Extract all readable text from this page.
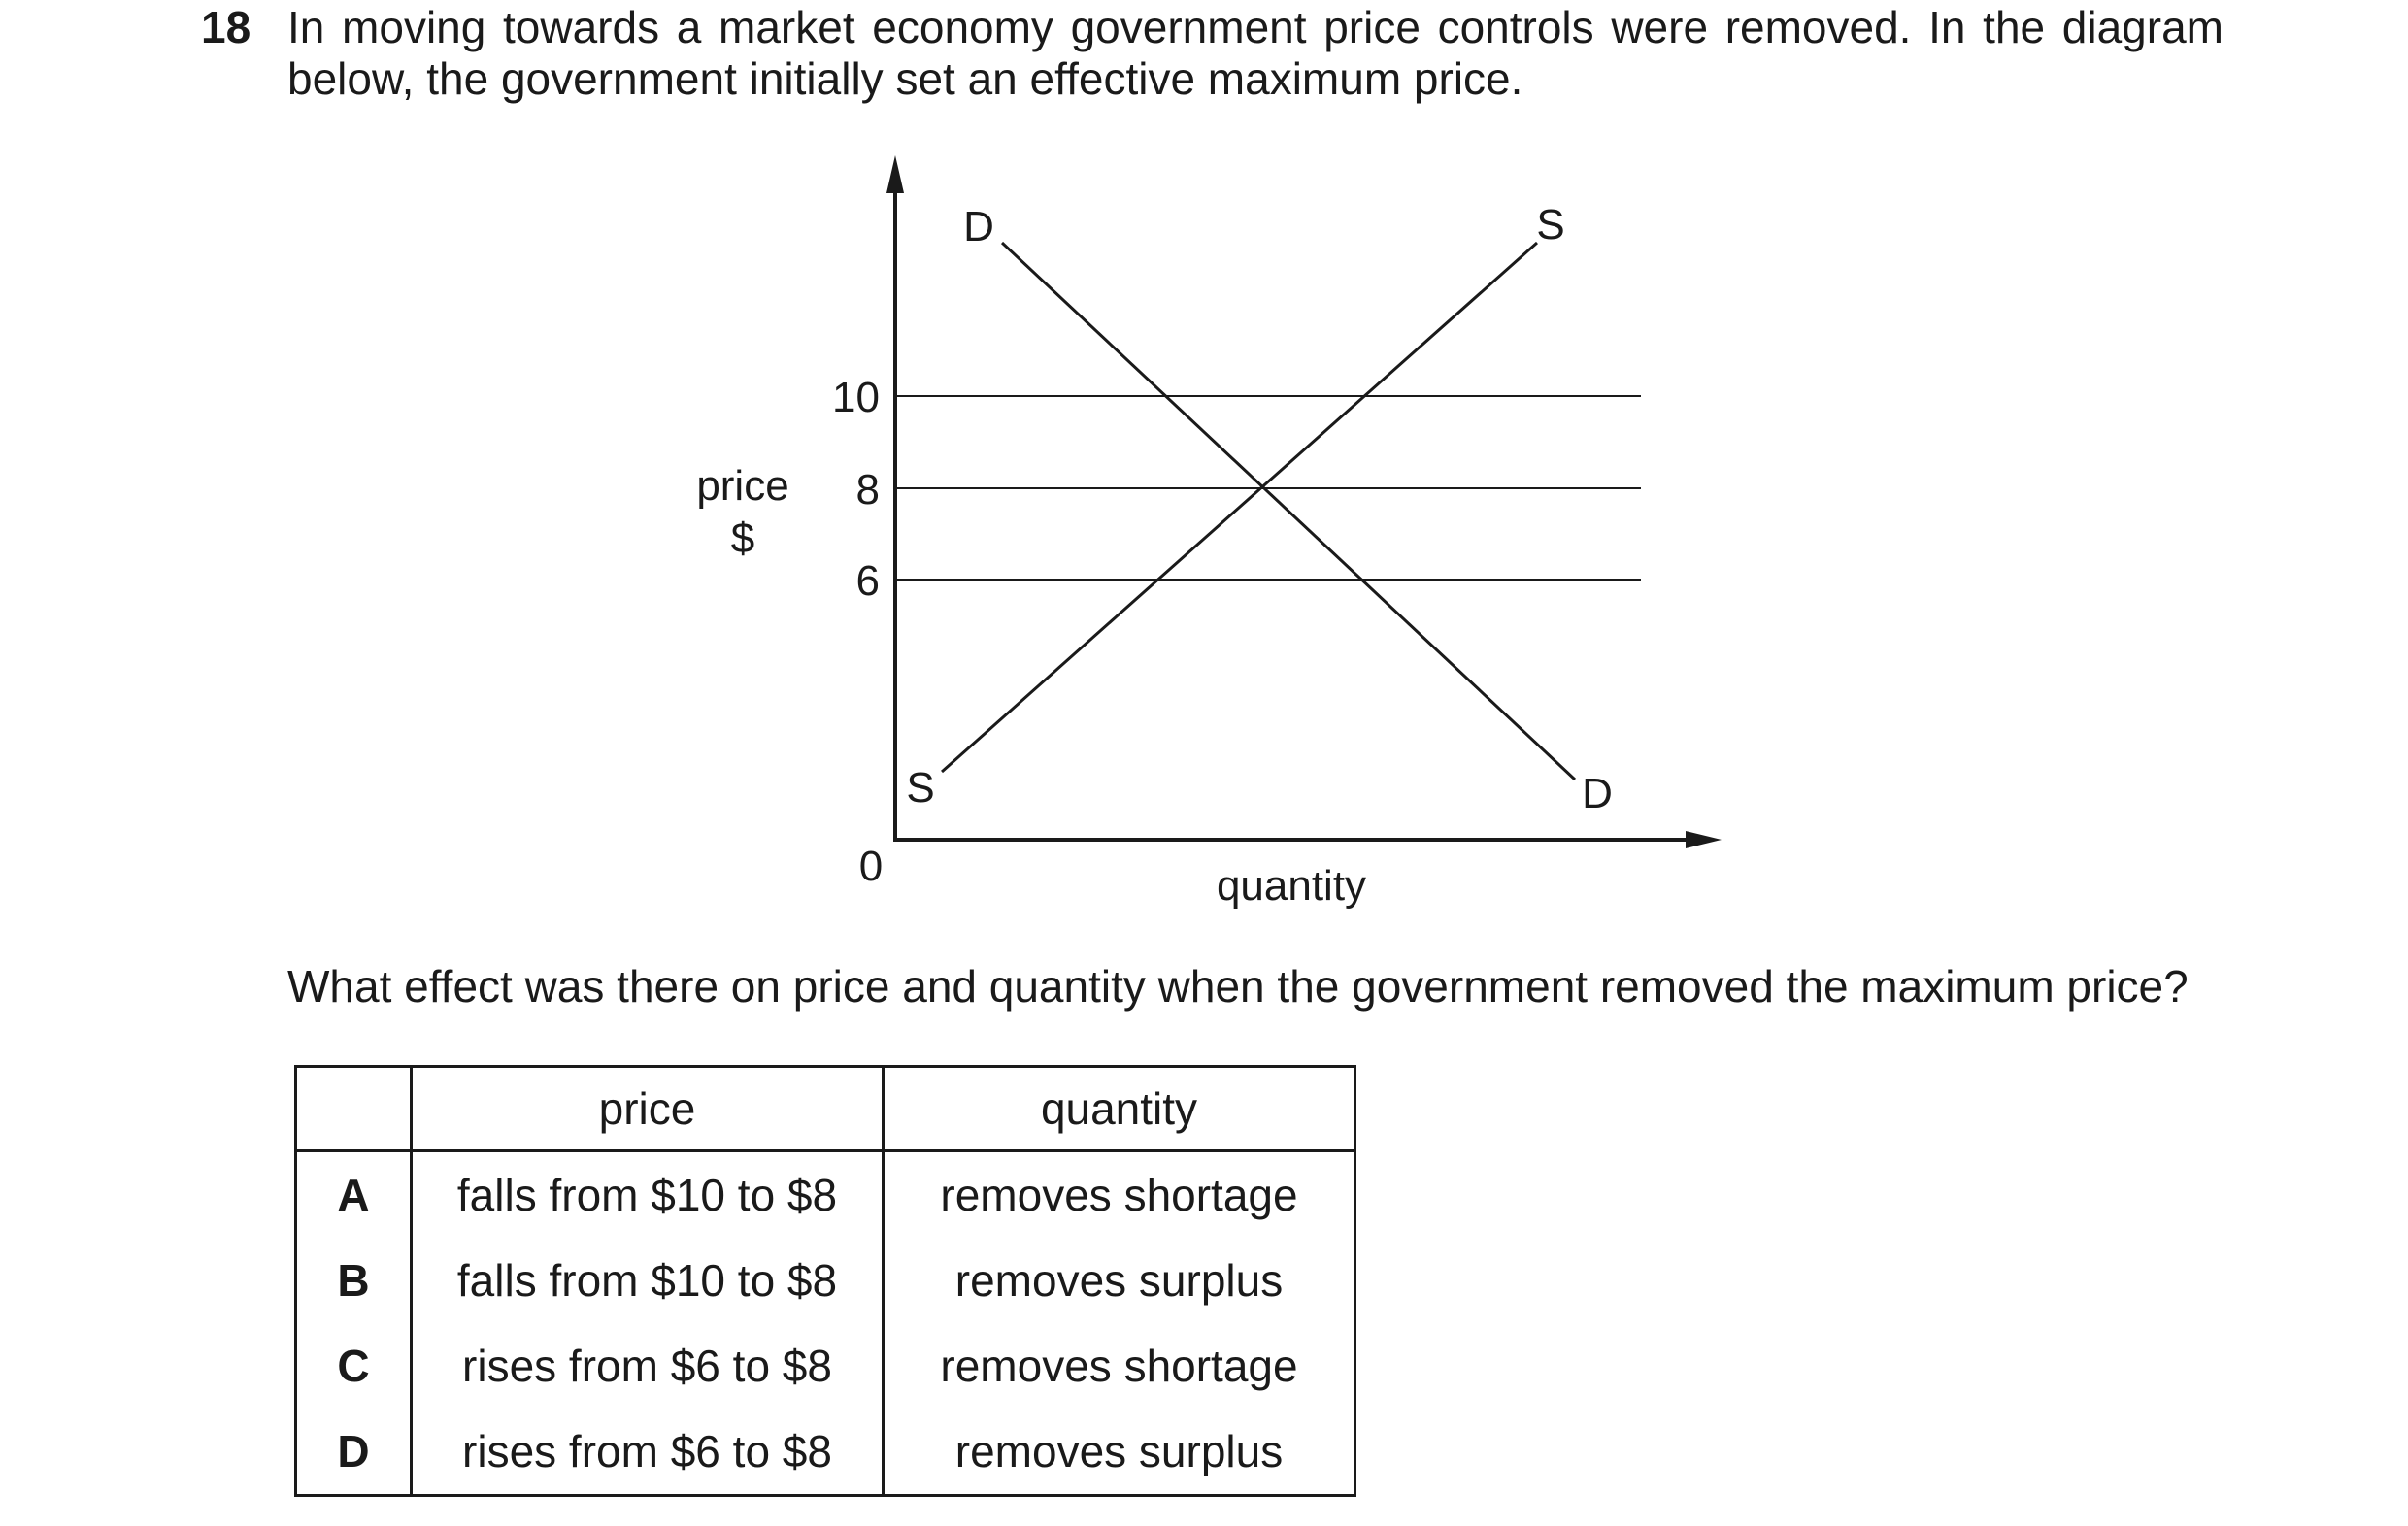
18 In moving towards a market economy government price controls were removed. In the diagram below, the government initially set an effective maximum price.
10
8
6
0
price
$
quantity
D
D
S
S
What effect was there on price and quantity when the government removed the maximum price?
	price	quantity
A	falls from $10 to $8	removes shortage
B	falls from $10 to $8	removes surplus
C	rises from $6 to $8	removes shortage
D	rises from $6 to $8	removes surplus
